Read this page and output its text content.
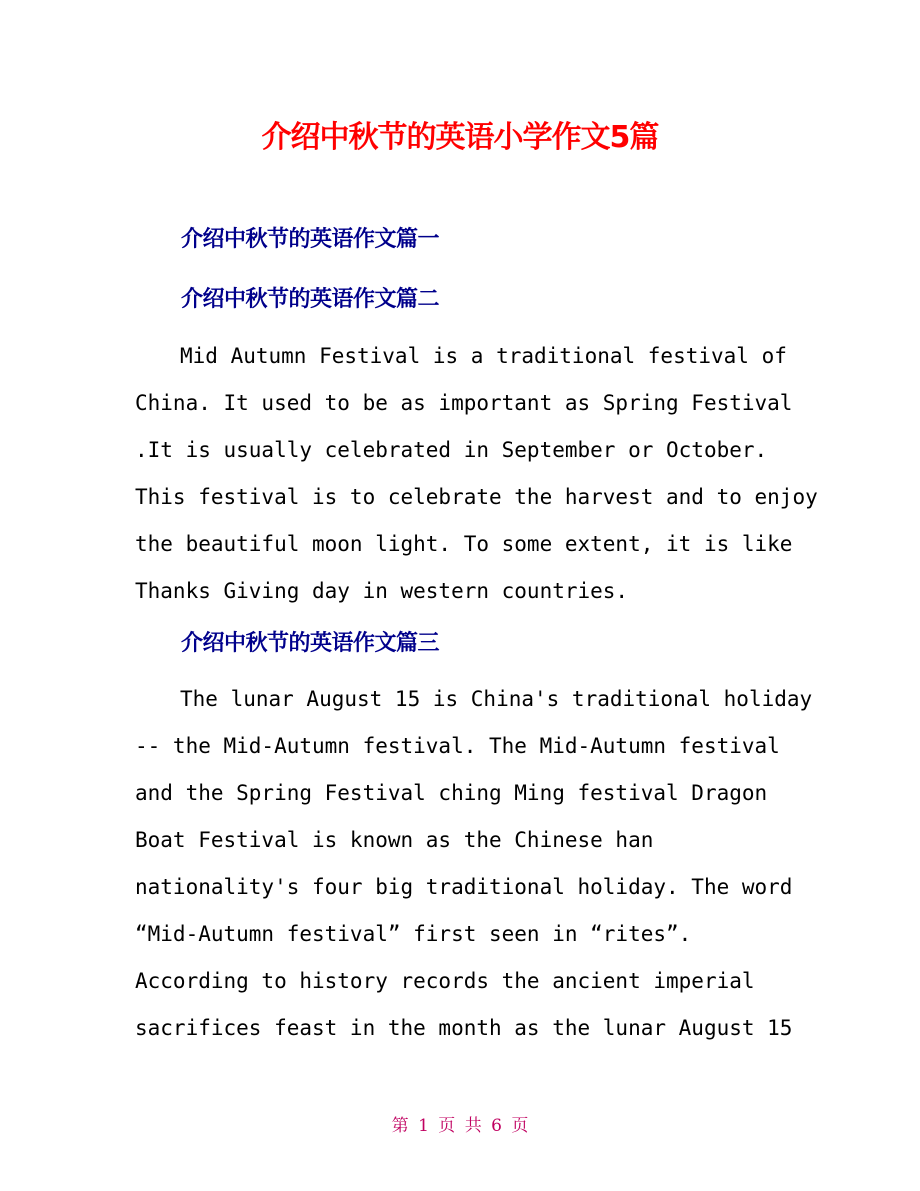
介绍中秋节的英语小学作文5篇
介绍中秋节的英语作文篇一
介绍中秋节的英语作文篇二
Mid Autumn Festival is a traditional festival of
China. It used to be as important as Spring Festival
.It is usually celebrated in September or October.
This festival is to celebrate the harvest and to enjoy
the beautiful moon light. To some extent, it is like
Thanks Giving day in western countries.
介绍中秋节的英语作文篇三
The lunar August 15 is China's traditional holiday
-- the Mid-Autumn festival. The Mid-Autumn festival
and the Spring Festival ching Ming festival Dragon
Boat Festival is known as the Chinese han
nationality's four big traditional holiday. The word
“Mid-Autumn festival” first seen in “rites”.
According to history records the ancient imperial
sacrifices feast in the month as the lunar August 15
第 1 页 共 6 页
